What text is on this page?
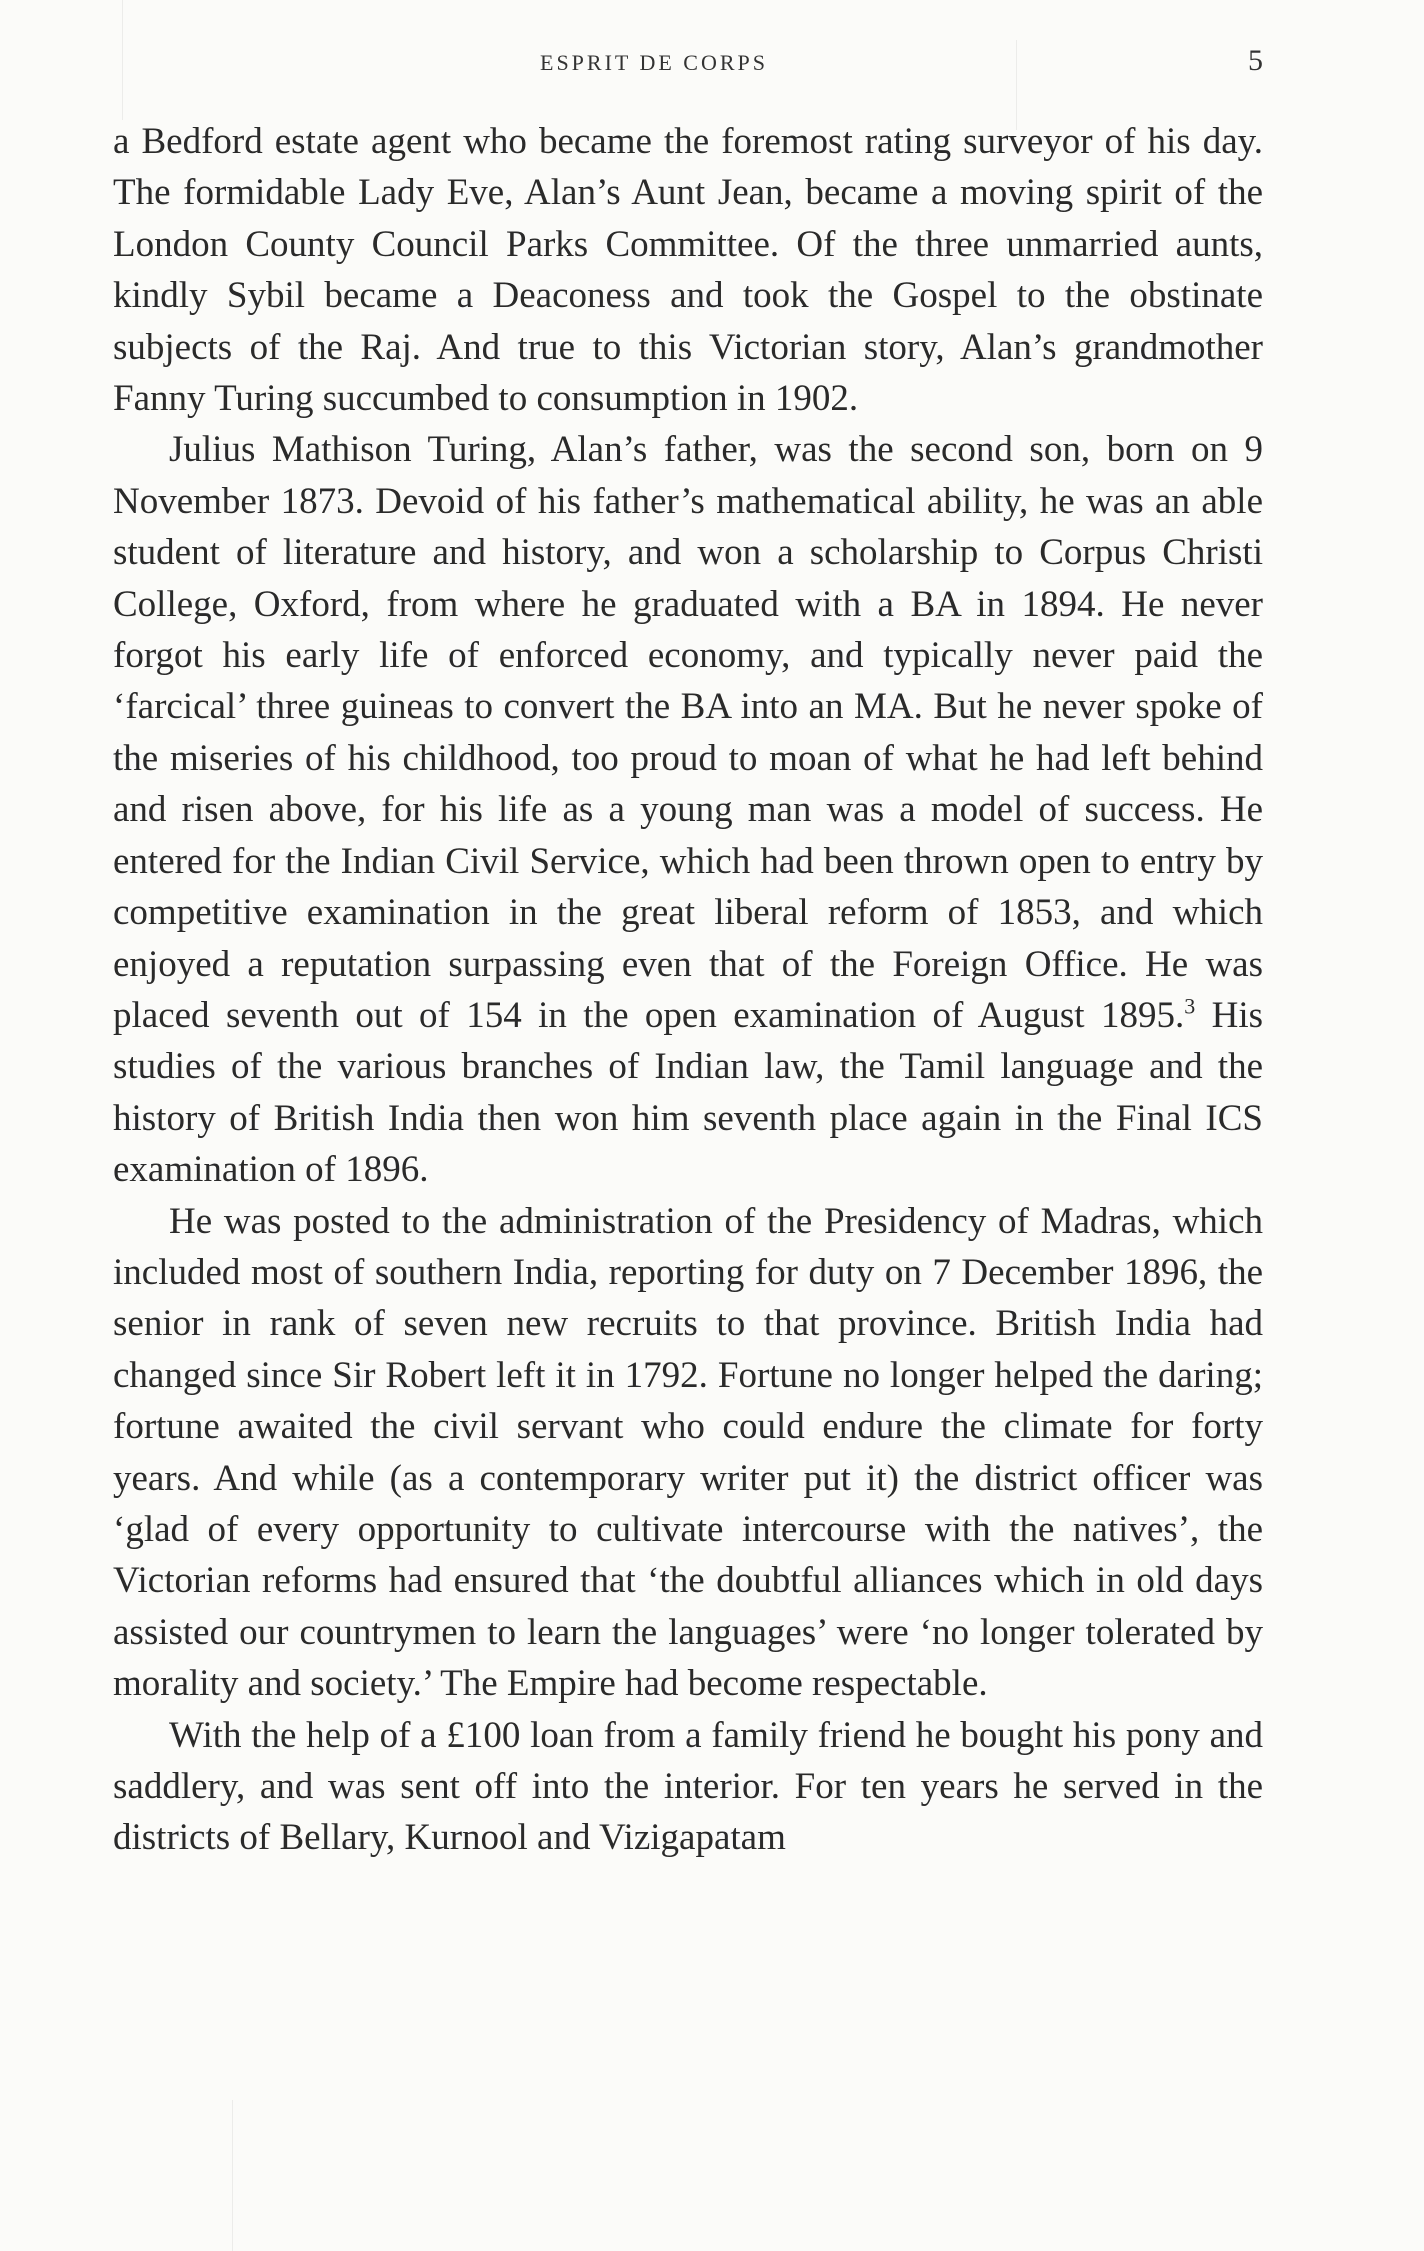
ESPRIT DE CORPS	5

a Bedford estate agent who became the foremost rating surveyor of his day. The formidable Lady Eve, Alan’s Aunt Jean, became a moving spirit of the London County Council Parks Committee. Of the three unmarried aunts, kindly Sybil became a Deaconess and took the Gospel to the obstinate subjects of the Raj. And true to this Victorian story, Alan’s grandmother Fanny Turing succumbed to consumption in 1902.

Julius Mathison Turing, Alan’s father, was the second son, born on 9 November 1873. Devoid of his father’s mathematical ability, he was an able student of literature and history, and won a scholarship to Corpus Christi College, Oxford, from where he graduated with a BA in 1894. He never forgot his early life of enforced economy, and typically never paid the ‘farcical’ three guineas to convert the BA into an MA. But he never spoke of the miseries of his childhood, too proud to moan of what he had left behind and risen above, for his life as a young man was a model of success. He entered for the Indian Civil Service, which had been thrown open to entry by competitive examination in the great liberal reform of 1853, and which enjoyed a reputation surpassing even that of the Foreign Office. He was placed seventh out of 154 in the open examination of August 1895.$^3$ His studies of the various branches of Indian law, the Tamil language and the history of British India then won him seventh place again in the Final ICS examination of 1896.

He was posted to the administration of the Presidency of Madras, which included most of southern India, reporting for duty on 7 December 1896, the senior in rank of seven new recruits to that province. British India had changed since Sir Robert left it in 1792. Fortune no longer helped the daring; fortune awaited the civil servant who could endure the climate for forty years. And while (as a contemporary writer put it) the district officer was ‘glad of every opportunity to cultivate intercourse with the natives’, the Victorian reforms had ensured that ‘the doubtful alliances which in old days assisted our countrymen to learn the languages’ were ‘no longer tolerated by morality and society.’ The Empire had become respectable.

With the help of a £100 loan from a family friend he bought his pony and saddlery, and was sent off into the interior. For ten years he served in the districts of Bellary, Kurnool and Vizigapatam
